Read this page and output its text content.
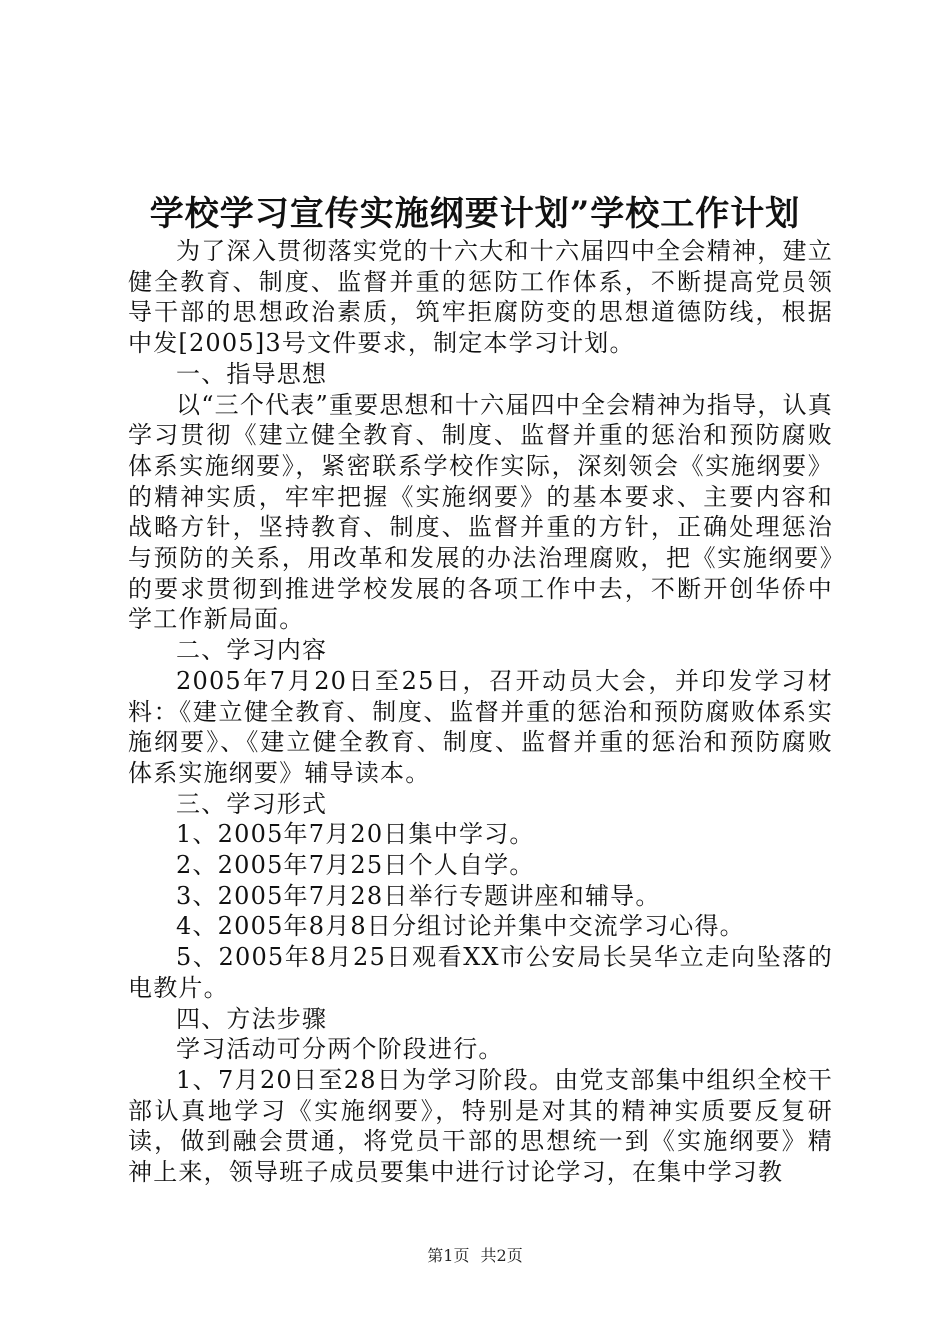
学校学习宣传实施纲要计划”学校工作计划

为了深入贯彻落实党的十六大和十六届四中全会精神，建立健全教育、制度、监督并重的惩防工作体系，不断提高党员领导干部的思想政治素质，筑牢拒腐防变的思想道德防线，根据中发[2005]3号文件要求，制定本学习计划。

一、指导思想

以“三个代表”重要思想和十六届四中全会精神为指导，认真学习贯彻《建立健全教育、制度、监督并重的惩治和预防腐败体系实施纲要》，紧密联系学校作实际，深刻领会《实施纲要》的精神实质，牢牢把握《实施纲要》的基本要求、主要内容和战略方针，坚持教育、制度、监督并重的方针，正确处理惩治与预防的关系，用改革和发展的办法治理腐败，把《实施纲要》的要求贯彻到推进学校发展的各项工作中去，不断开创华侨中学工作新局面。

二、学习内容

2005年7月20日至25日，召开动员大会，并印发学习材料：《建立健全教育、制度、监督并重的惩治和预防腐败体系实施纲要》、《建立健全教育、制度、监督并重的惩治和预防腐败体系实施纲要》辅导读本。

三、学习形式

1、2005年7月20日集中学习。

2、2005年7月25日个人自学。

3、2005年7月28日举行专题讲座和辅导。

4、2005年8月8日分组讨论并集中交流学习心得。

5、2005年8月25日观看XX市公安局长吴华立走向坠落的电教片。

四、方法步骤

学习活动可分两个阶段进行。

1、7月20日至28日为学习阶段。由党支部集中组织全校干部认真地学习《实施纲要》，特别是对其的精神实质要反复研读，做到融会贯通，将党员干部的思想统一到《实施纲要》精神上来，领导班子成员要集中进行讨论学习，在集中学习教

第1页 共2页
